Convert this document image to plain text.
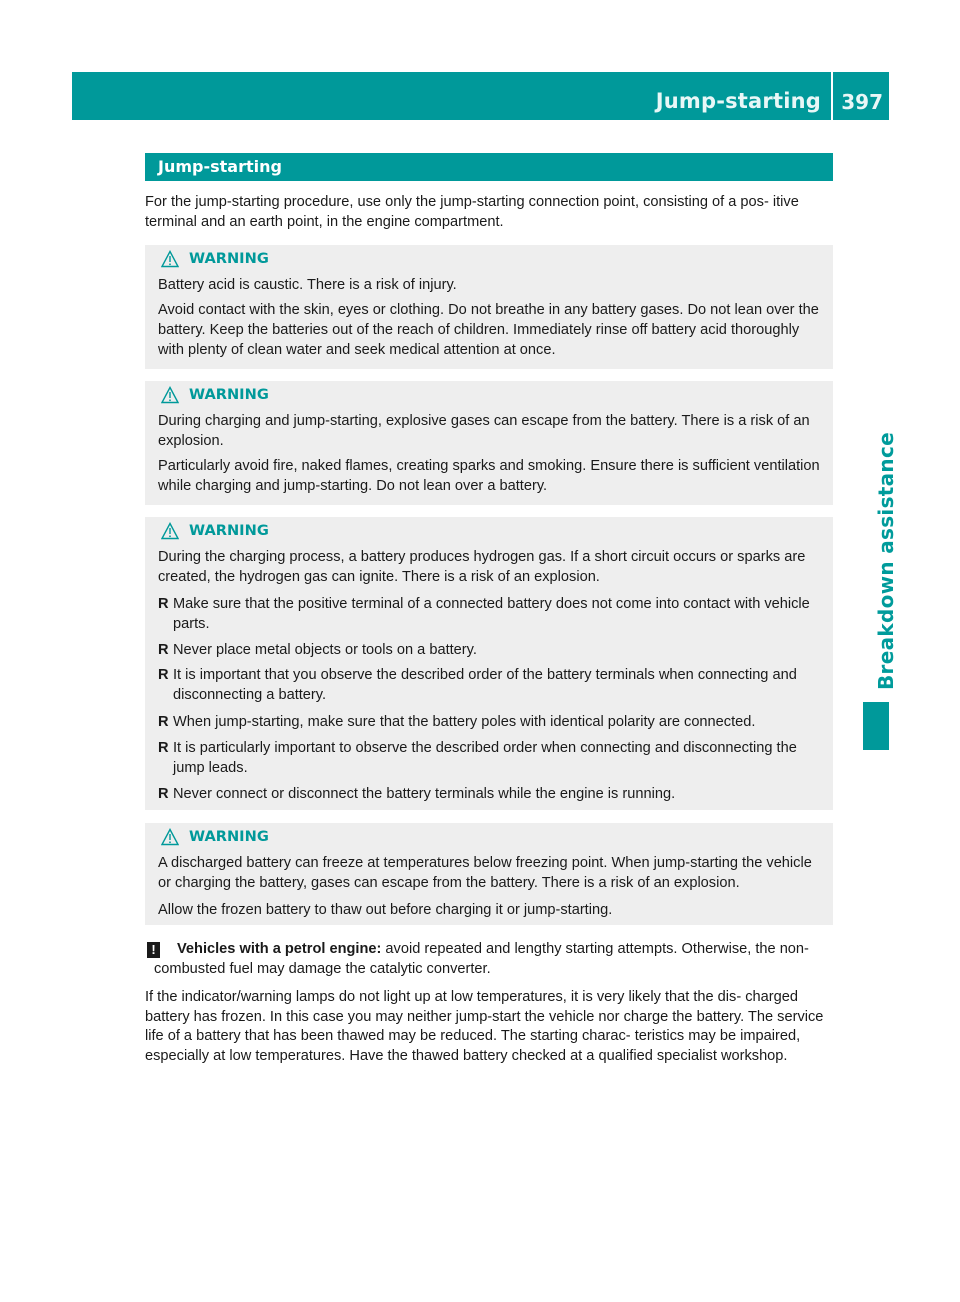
Jump-starting 397
Breakdown assistance
Jump-starting
For the jump-starting procedure, use only the jump-starting connection point, consisting of a pos- itive terminal and an earth point, in the engine compartment.
WARNING

Battery acid is caustic. There is a risk of injury.

Avoid contact with the skin, eyes or clothing. Do not breathe in any battery gases. Do not lean over the battery. Keep the batteries out of the reach of children. Immediately rinse off battery acid thoroughly with plenty of clean water and seek medical attention at once.

WARNING

During charging and jump-starting, explosive gases can escape from the battery. There is a risk of an explosion.

Particularly avoid fire, naked flames, creating sparks and smoking. Ensure there is sufficient ventilation while charging and jump-starting. Do not lean over a battery.

WARNING

During the charging process, a battery produces hydrogen gas. If a short circuit occurs or sparks are created, the hydrogen gas can ignite. There is a risk of an explosion.

R Make sure that the positive terminal of a connected battery does not come into contact with vehicle parts.
R Never place metal objects or tools on a battery.
R It is important that you observe the described order of the battery terminals when connecting and disconnecting a battery.
R When jump-starting, make sure that the battery poles with identical polarity are connected.
R It is particularly important to observe the described order when connecting and disconnecting the jump leads.
R Never connect or disconnect the battery terminals while the engine is running.
WARNING

A discharged battery can freeze at temperatures below freezing point. When jump-starting the vehicle or charging the battery, gases can escape from the battery. There is a risk of an explosion.

Allow the frozen battery to thaw out before charging it or jump-starting.

!	Vehicles with a petrol engine: avoid repeated and lengthy starting attempts. Otherwise, the non-combusted fuel may damage the catalytic converter.
If the indicator/warning lamps do not light up at low temperatures, it is very likely that the dis- charged battery has frozen. In this case you may neither jump-start the vehicle nor charge the battery. The service life of a battery that has been thawed may be reduced. The starting charac- teristics may be impaired, especially at low temperatures. Have the thawed battery checked at a qualified specialist workshop.
